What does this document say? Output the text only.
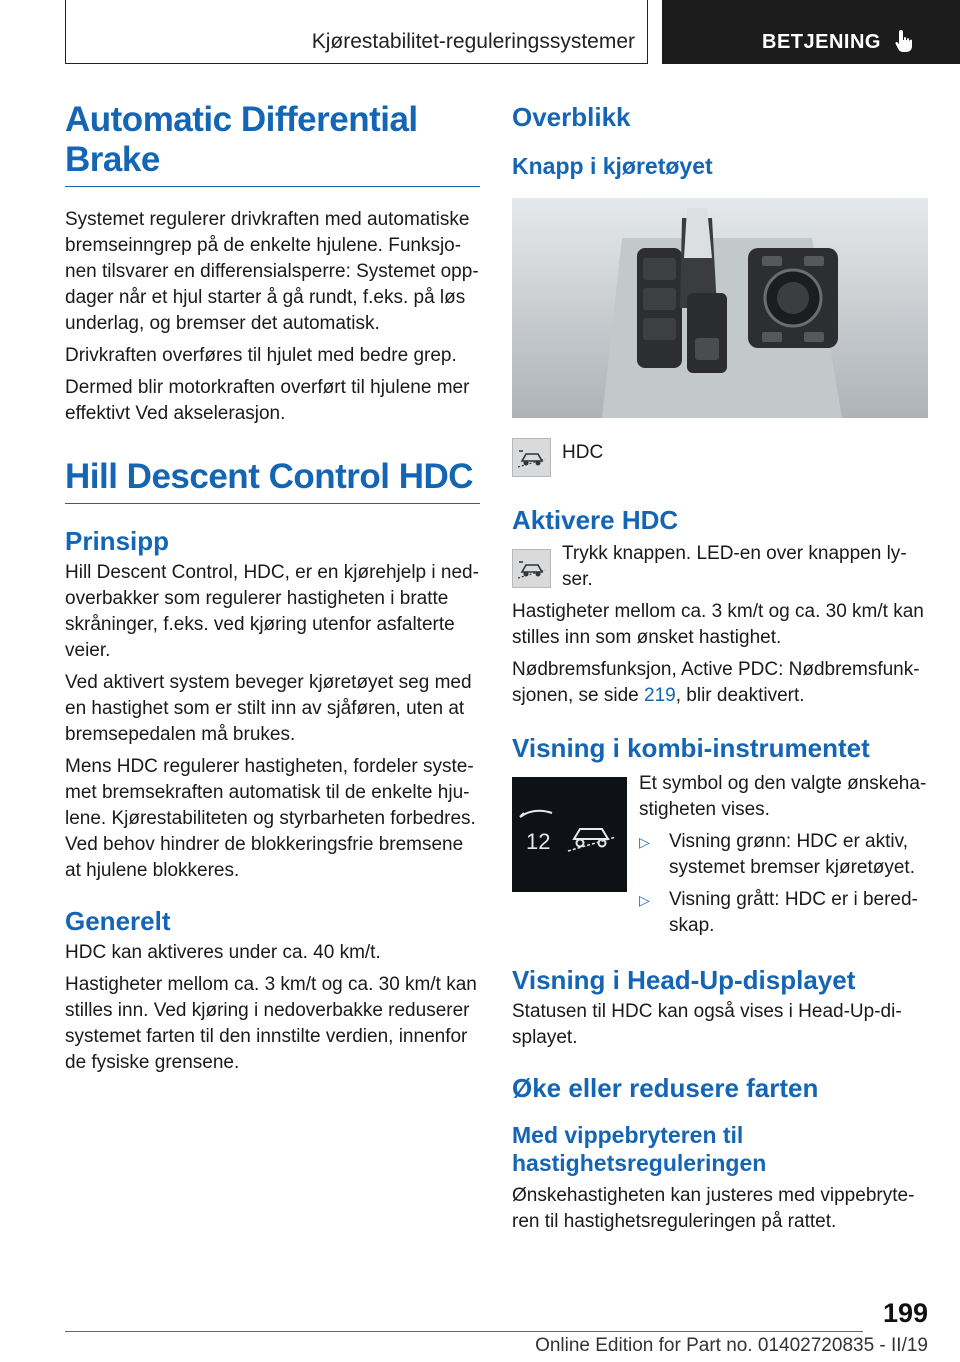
Kjørestabilitet-reguleringssystemer	BETJENING
Automatic Differential Brake

Systemet regulerer drivkraften med automatiske bremseinngrep på de enkelte hjulene. Funksjonen tilsvarer en differensialsperre: Systemet oppdager når et hjul starter å gå rundt, f.eks. på løs underlag, og bremser det automatisk.

Drivkraften overføres til hjulet med bedre grep.

Dermed blir motorkraften overført til hjulene mer effektivt Ved akselerasjon.

Hill Descent Control HDC
Prinsipp

Hill Descent Control, HDC, er en kjørehjelp i nedoverbakker som regulerer hastigheten i bratte skråninger, f.eks. ved kjøring utenfor asfalterte veier.

Ved aktivert system beveger kjøretøyet seg med en hastighet som er stilt inn av sjåføren, uten at bremsepedalen må brukes.

Mens HDC regulerer hastigheten, fordeler systemet bremsekraften automatisk til de enkelte hjulene. Kjørestabiliteten og styrbarheten forbedres. Ved behov hindrer de blokkeringsfrie bremsene at hjulene blokkeres.

Generelt

HDC kan aktiveres under ca. 40 km/t.

Hastigheter mellom ca. 3 km/t og ca. 30 km/t kan stilles inn. Ved kjøring i nedoverbakke reduserer systemet farten til den innstilte verdien, innenfor de fysiske grensene.

Overblikk
Knapp i kjøretøyet

HDC

Aktivere HDC

Trykk knappen. LED-en over knappen lyser.

Hastigheter mellom ca. 3 km/t og ca. 30 km/t kan stilles inn som ønsket hastighet.

Nødbremsfunksjon, Active PDC: Nødbremsfunksjonen, se side 219, blir deaktivert.

Visning i kombi-instrumentet
12

Et symbol og den valgte ønskehastigheten vises.

▷ Visning grønn: HDC er aktiv, systemet bremser kjøretøyet.
▷ Visning grått: HDC er i beredskap.
Visning i Head-Up-displayet

Statusen til HDC kan også vises i Head-Up-displayet.

Øke eller redusere farten
Med vippebryteren til hastighetsreguleringen

Ønskehastigheten kan justeres med vippebryteren til hastighetsreguleringen på rattet.

199
Online Edition for Part no. 01402720835 - II/19
